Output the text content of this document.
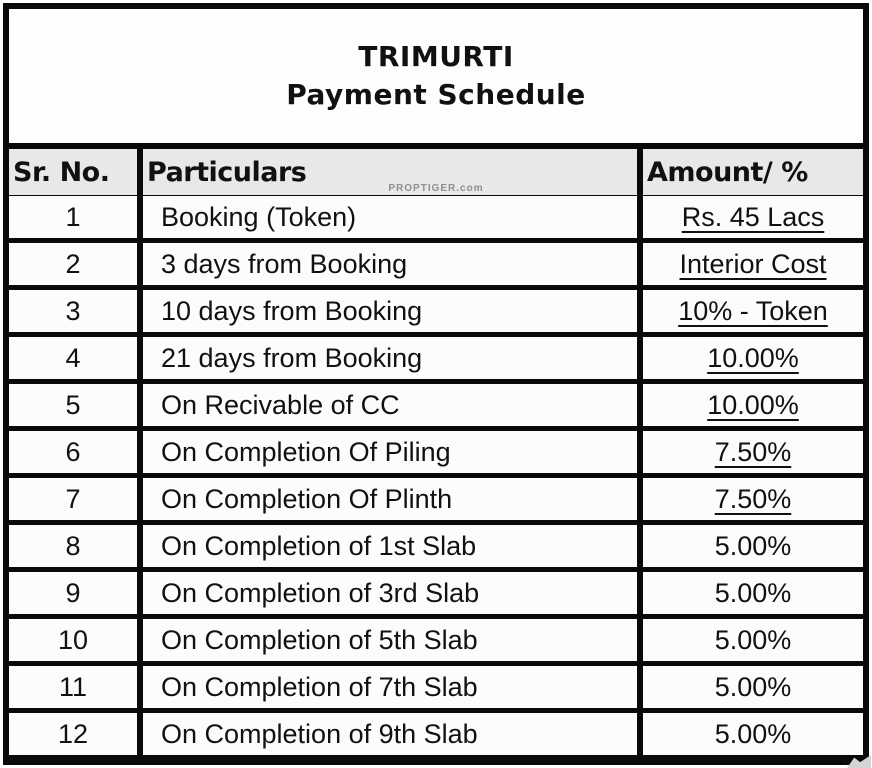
TRIMURTI
Payment Schedule
Sr. No.	Particulars	Amount/ %
1	Booking (Token)	Rs. 45 Lacs
2	3 days from Booking	Interior Cost
3	10 days from Booking	10% - Token
4	21 days from Booking	10.00%
5	On Recivable of CC	10.00%
6	On Completion Of Piling	7.50%
7	On Completion Of Plinth	7.50%
8	On Completion of 1st Slab	5.00%
9	On Completion of 3rd Slab	5.00%
10	On Completion of 5th Slab	5.00%
11	On Completion of 7th Slab	5.00%
12	On Completion of 9th Slab	5.00%
PROPTIGER.com
